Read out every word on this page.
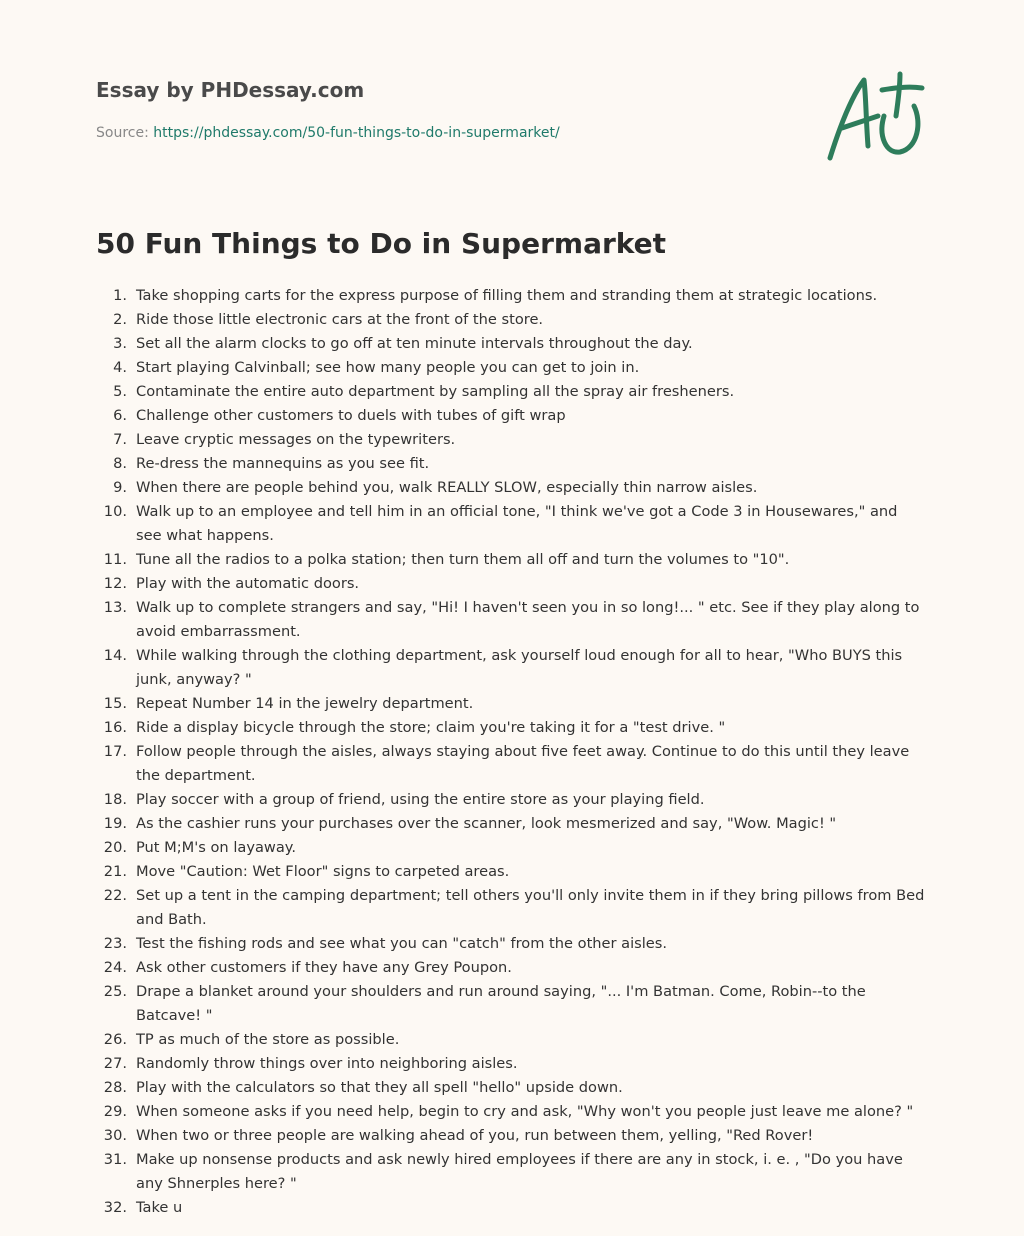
Essay by PHDessay.com

Source: https://phdessay.com/50-fun-things-to-do-in-supermarket/
50 Fun Things to Do in Supermarket
1. Take shopping carts for the express purpose of filling them and stranding them at strategic locations.
2. Ride those little electronic cars at the front of the store.
3. Set all the alarm clocks to go off at ten minute intervals throughout the day.
4. Start playing Calvinball; see how many people you can get to join in.
5. Contaminate the entire auto department by sampling all the spray air fresheners.
6. Challenge other customers to duels with tubes of gift wrap
7. Leave cryptic messages on the typewriters.
8. Re-dress the mannequins as you see fit.
9. When there are people behind you, walk REALLY SLOW, especially thin narrow aisles.
10. Walk up to an employee and tell him in an official tone, "I think we've got a Code 3 in Housewares," and see what happens.
11. Tune all the radios to a polka station; then turn them all off and turn the volumes to "10".
12. Play with the automatic doors.
13. Walk up to complete strangers and say, "Hi! I haven't seen you in so long!... " etc. See if they play along to avoid embarrassment.
14. While walking through the clothing department, ask yourself loud enough for all to hear, "Who BUYS this junk, anyway? "
15. Repeat Number 14 in the jewelry department.
16. Ride a display bicycle through the store; claim you're taking it for a "test drive. "
17. Follow people through the aisles, always staying about five feet away. Continue to do this until they leave the department.
18. Play soccer with a group of friend, using the entire store as your playing field.
19. As the cashier runs your purchases over the scanner, look mesmerized and say, "Wow. Magic! "
20. Put M;M's on layaway.
21. Move "Caution: Wet Floor" signs to carpeted areas.
22. Set up a tent in the camping department; tell others you'll only invite them in if they bring pillows from Bed and Bath.
23. Test the fishing rods and see what you can "catch" from the other aisles.
24. Ask other customers if they have any Grey Poupon.
25. Drape a blanket around your shoulders and run around saying, "... I'm Batman. Come, Robin--to the Batcave! "
26. TP as much of the store as possible.
27. Randomly throw things over into neighboring aisles.
28. Play with the calculators so that they all spell "hello" upside down.
29. When someone asks if you need help, begin to cry and ask, "Why won't you people just leave me alone? "
30. When two or three people are walking ahead of you, run between them, yelling, "Red Rover!
31. Make up nonsense products and ask newly hired employees if there are any in stock, i. e. , "Do you have any Shnerples here? "
32. Take u
